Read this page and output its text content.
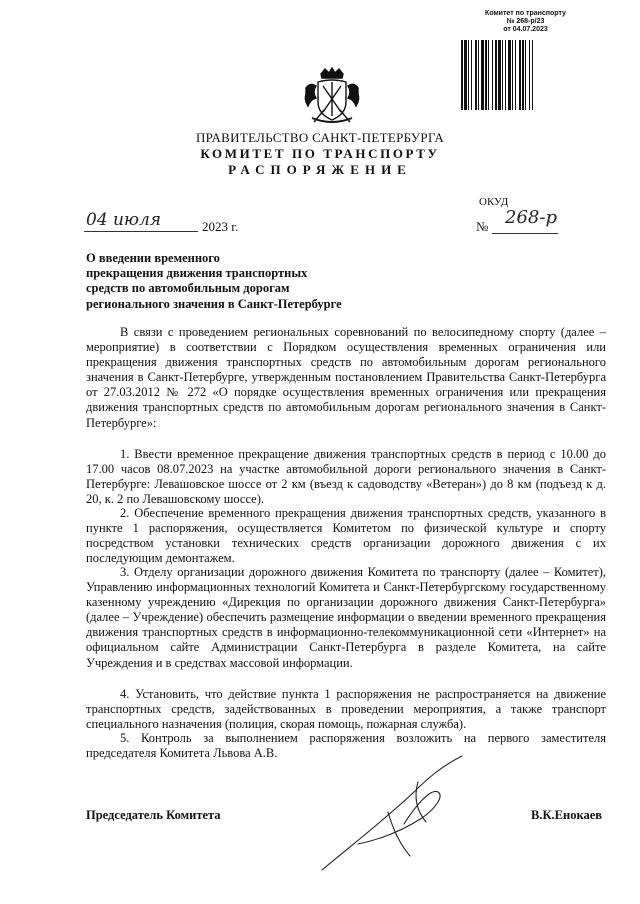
Комитет по транспорту
№ 268-р/23
от 04.07.2023
ПРАВИТЕЛЬСТВО САНКТ-ПЕТЕРБУРГА
КОМИТЕТ ПО ТРАНСПОРТУ
РАСПОРЯЖЕНИЕ
ОКУД
04 июля	2023 г.	№ 268-р
О введении временного
прекращения движения транспортных
средств по автомобильным дорогам
регионального значения в Санкт-Петербурге

В связи с проведением региональных соревнований по велосипедному спорту (далее – мероприятие) в соответствии с Порядком осуществления временных ограничения или прекращения движения транспортных средств по автомобильным дорогам регионального значения в Санкт-Петербурге, утвержденным постановлением Правительства Санкт-Петербурга от 27.03.2012 № 272 «О порядке осуществления временных ограничения или прекращения движения транспортных средств по автомобильным дорогам регионального значения в Санкт-Петербурге»:

1. Ввести временное прекращение движения транспортных средств в период с 10.00 до 17.00 часов 08.07.2023 на участке автомобильной дороги регионального значения в Санкт-Петербурге: Левашовское шоссе от 2 км (въезд к садоводству «Ветеран») до 8 км (подъезд к д. 20, к. 2 по Левашовскому шоссе).

2. Обеспечение временного прекращения движения транспортных средств, указанного в пункте 1 распоряжения, осуществляется Комитетом по физической культуре и спорту посредством установки технических средств организации дорожного движения с их последующим демонтажем.

3. Отделу организации дорожного движения Комитета по транспорту (далее – Комитет), Управлению информационных технологий Комитета и Санкт-Петербургскому государственному казенному учреждению «Дирекция по организации дорожного движения Санкт-Петербурга» (далее – Учреждение) обеспечить размещение информации о введении временного прекращения движения транспортных средств в информационно-телекоммуникационной сети «Интернет» на официальном сайте Администрации Санкт-Петербурга в разделе Комитета, на сайте Учреждения и в средствах массовой информации.

4. Установить, что действие пункта 1 распоряжения не распространяется на движение транспортных средств, задействованных в проведении мероприятия, а также транспорт специального назначения (полиция, скорая помощь, пожарная служба).

5. Контроль за выполнением распоряжения возложить на первого заместителя председателя Комитета Львова А.В.

Председатель Комитета	В.К.Енокаев
